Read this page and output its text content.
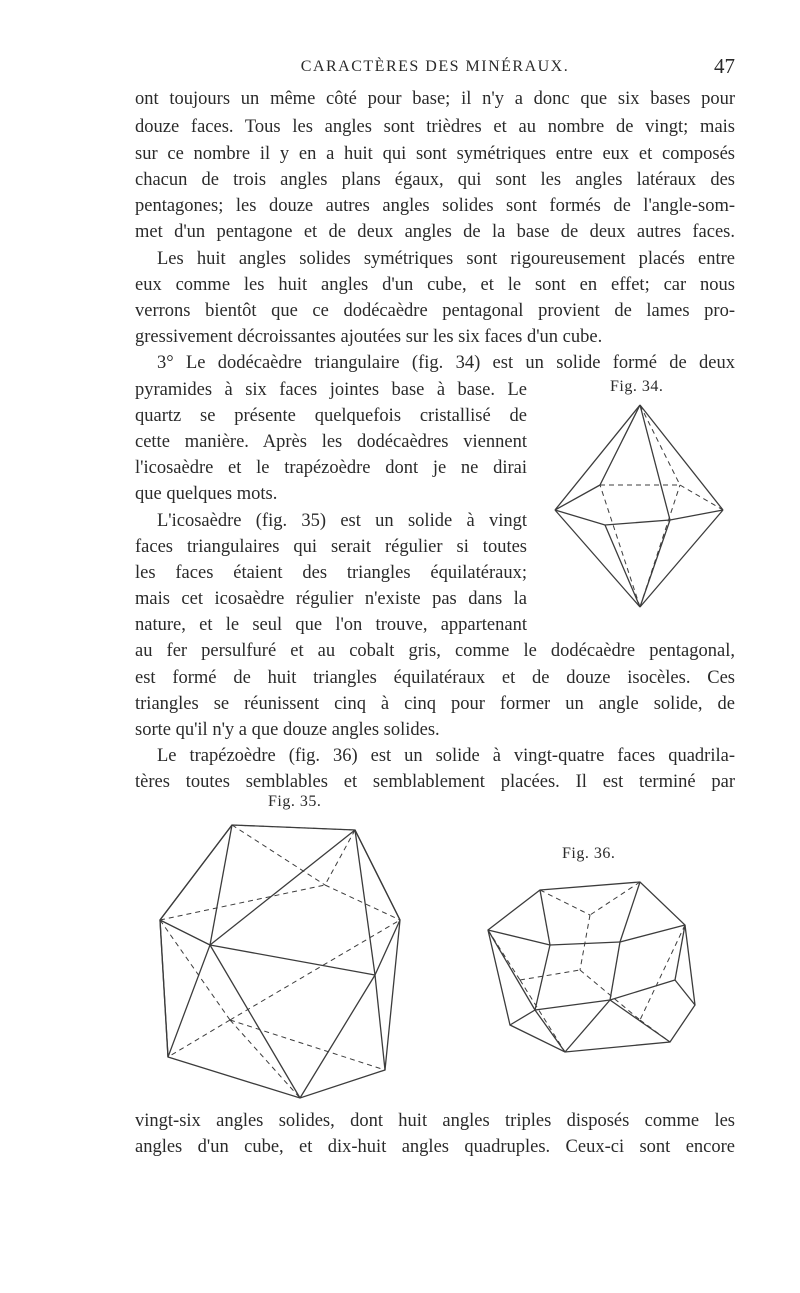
CARACTÈRES DES MINÉRAUX.	47
ont toujours un même côté pour base; il n'y a donc que six bases pour
douze faces. Tous les angles sont trièdres et au nombre de vingt; mais
sur ce nombre il y en a huit qui sont symétriques entre eux et composés
chacun de trois angles plans égaux, qui sont les angles latéraux des
pentagones; les douze autres angles solides sont formés de l'angle-som-
met d'un pentagone et de deux angles de la base de deux autres faces.
Les huit angles solides symétriques sont rigoureusement placés entre
eux comme les huit angles d'un cube, et le sont en effet; car nous
verrons bientôt que ce dodécaèdre pentagonal provient de lames pro-
gressivement décroissantes ajoutées sur les six faces d'un cube.
3° Le dodécaèdre triangulaire (fig. 34) est un solide formé de deux
pyramides à six faces jointes base à base. Le
quartz se présente quelquefois cristallisé de
cette manière. Après les dodécaèdres viennent
l'icosaèdre et le trapézoèdre dont je ne dirai
que quelques mots.
L'icosaèdre (fig. 35) est un solide à vingt
faces triangulaires qui serait régulier si toutes
les faces étaient des triangles équilatéraux;
mais cet icosaèdre régulier n'existe pas dans la
nature, et le seul que l'on trouve, appartenant
au fer persulfuré et au cobalt gris, comme le dodécaèdre pentagonal,
est formé de huit triangles équilatéraux et de douze isocèles. Ces
triangles se réunissent cinq à cinq pour former un angle solide, de
sorte qu'il n'y a que douze angles solides.
Le trapézoèdre (fig. 36) est un solide à vingt-quatre faces quadrila-
tères toutes semblables et semblablement placées. Il est terminé par
vingt-six angles solides, dont huit angles triples disposés comme les
angles d'un cube, et dix-huit angles quadruples. Ceux-ci sont encore
Fig. 34.
Fig. 35.
Fig. 36.
